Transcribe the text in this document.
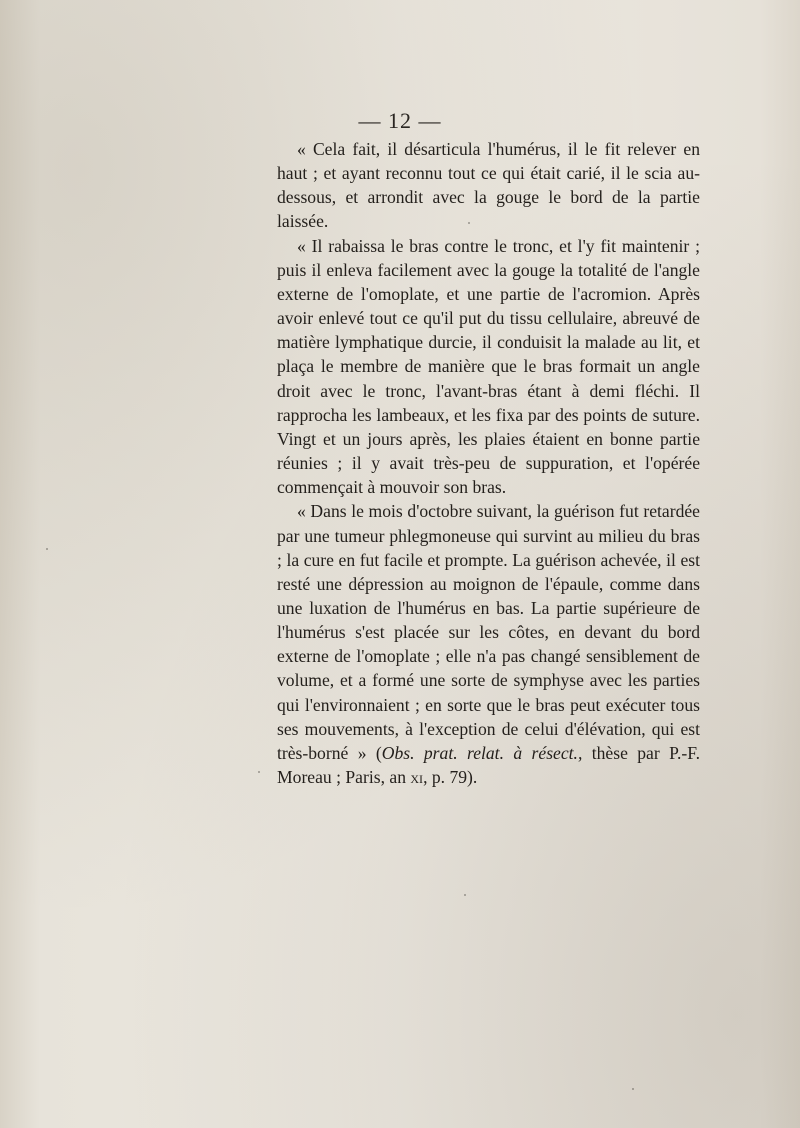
— 12 —

« Cela fait, il désarticula l'humérus, il le fit relever en haut ; et ayant reconnu tout ce qui était carié, il le scia au-dessous, et arrondit avec la gouge le bord de la partie laissée.

« Il rabaissa le bras contre le tronc, et l'y fit maintenir ; puis il enleva facilement avec la gouge la totalité de l'angle externe de l'omoplate, et une partie de l'acromion. Après avoir enlevé tout ce qu'il put du tissu cellulaire, abreuvé de matière lymphatique durcie, il conduisit la malade au lit, et plaça le membre de manière que le bras formait un angle droit avec le tronc, l'avant-bras étant à demi fléchi. Il rapprocha les lambeaux, et les fixa par des points de suture. Vingt et un jours après, les plaies étaient en bonne partie réunies ; il y avait très-peu de suppuration, et l'opérée commençait à mouvoir son bras.

« Dans le mois d'octobre suivant, la guérison fut retardée par une tumeur phlegmoneuse qui survint au milieu du bras ; la cure en fut facile et prompte. La guérison achevée, il est resté une dépression au moignon de l'épaule, comme dans une luxation de l'humérus en bas. La partie supérieure de l'humérus s'est placée sur les côtes, en devant du bord externe de l'omoplate ; elle n'a pas changé sensiblement de volume, et a formé une sorte de symphyse avec les parties qui l'environnaient ; en sorte que le bras peut exécuter tous ses mouvements, à l'exception de celui d'élévation, qui est très-borné » (Obs. prat. relat. à résect., thèse par P.-F. Moreau ; Paris, an xi, p. 79).
